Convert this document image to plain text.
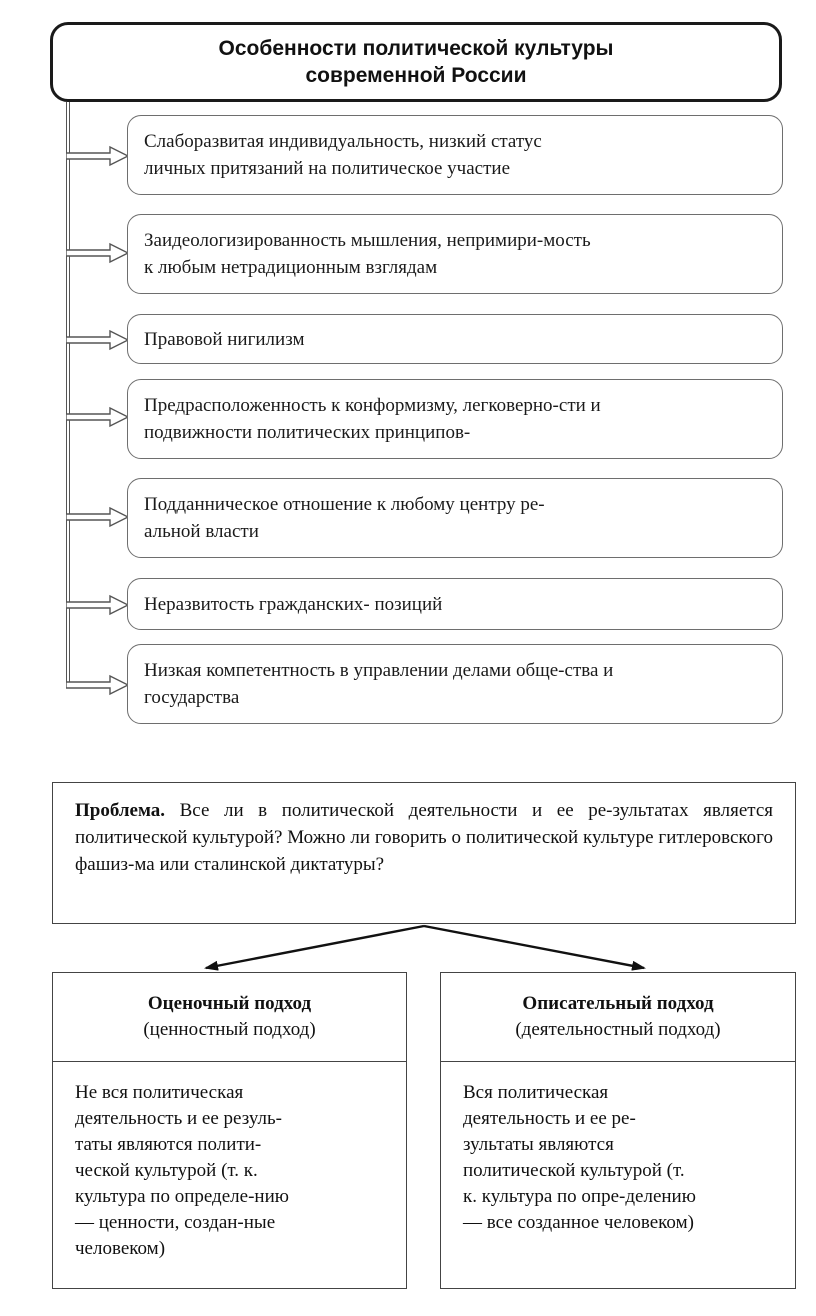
Особенности политической культуры
современной России
Слаборазвитая индивидуальность, низкий статус
личных притязаний на политическое участие
Заидеологизированность мышления, непримири-мость
к любым нетрадиционным взглядам
Правовой нигилизм
Предрасположенность к конформизму, легковерно-сти и
подвижности политических принципов-
Подданническое отношение к любому центру ре-
альной власти
Неразвитость гражданских- позиций
Низкая компетентность в управлении делами обще-ства и
государства
Проблема. Все ли в политической деятельности и ее ре-зультатах является политической культурой? Можно ли говорить о политической культуре гитлеровского фашиз-ма или сталинской диктатуры?
Оценочный подход
(ценностный подход)
Не вся политическая
деятельность и ее резуль-
таты являются полити-
ческой культурой (т. к.
культура по определе-нию
— ценности, создан-ные
человеком)
Описательный подход
(деятельностный подход)
Вся политическая
деятельность и ее ре-
зультаты являются
политической культурой (т.
к. культура по опре-делению
— все созданное человеком)
